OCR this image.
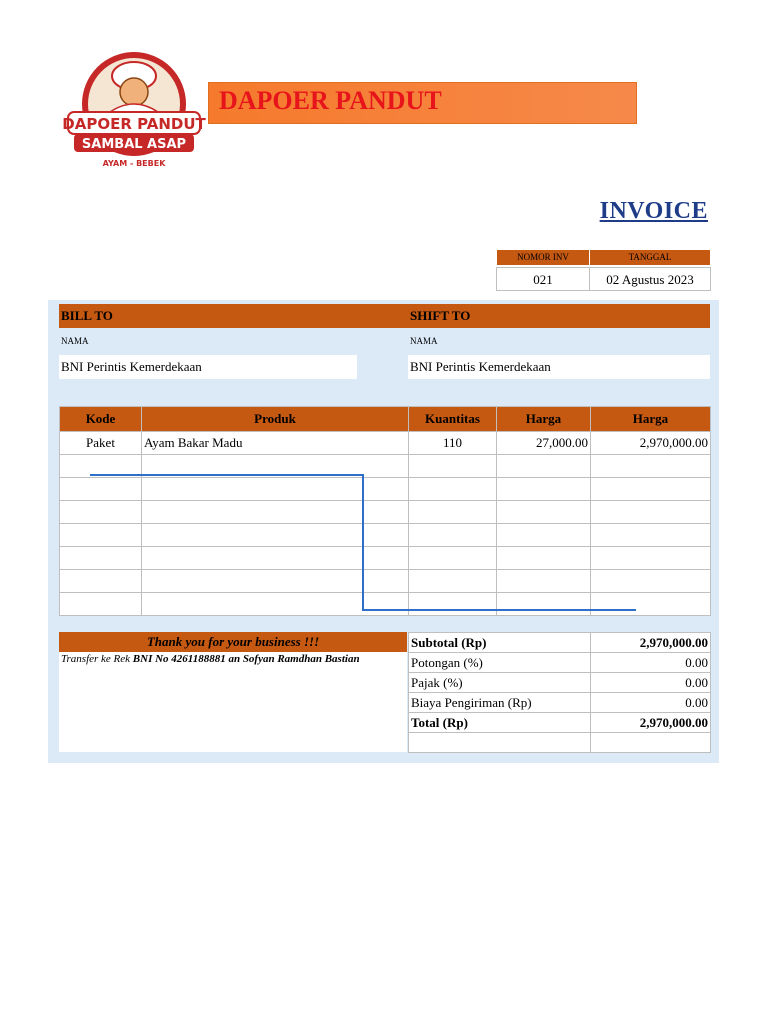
DAPOER PANDUT
SAMBAL ASAP
AYAM - BEBEK
DAPOER PANDUT
INVOICE
NOMOR INV	TANGGAL
021	02 Agustus 2023
BILL TO	SHIFT TO
NAMA	NAMA
BNI Perintis Kemerdekaan	BNI Perintis Kemerdekaan
Kode	Produk	Kuantitas	Harga	Harga
Paket	Ayam Bakar Madu	110	27,000.00	2,970,000.00

Thank you for your business !!!
Transfer ke Rek BNI No 4261188881 an Sofyan Ramdhan Bastian
Subtotal (Rp)	2,970,000.00
Potongan (%)	0.00
Pajak (%)	0.00
Biaya Pengiriman (Rp)	0.00
Total (Rp)	2,970,000.00
